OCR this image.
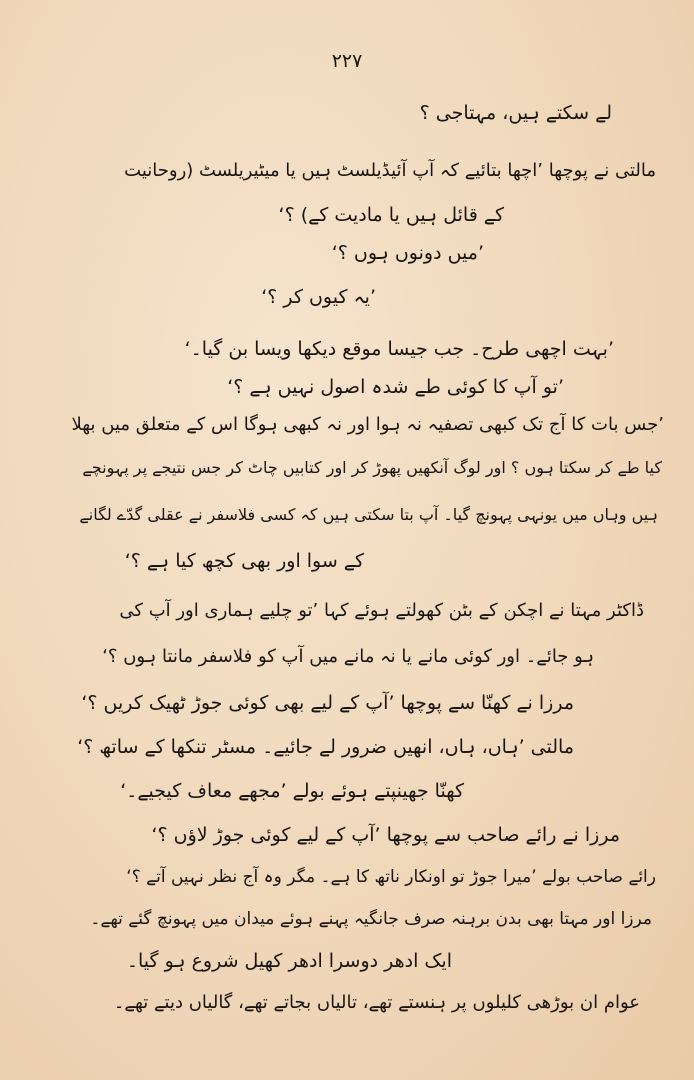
۲۲۷
لے سکتے ہیں، مہتاجی ؟
مالتی نے پوچھا ’اچھا بتائیے کہ آپ آئیڈیلسٹ ہیں یا میٹیریلسٹ (روحانیت
کے قائل ہیں یا مادیت کے) ؟‘
’میں دونوں ہوں ؟‘
’یہ کیوں کر ؟‘
’بہت اچھی طرح۔ جب جیسا موقع دیکھا ویسا بن گیا۔‘
’تو آپ کا کوئی طے شدہ اصول نہیں ہے ؟‘
’جس بات کا آج تک کبھی تصفیہ نہ ہوا اور نہ کبھی ہوگا اس کے متعلق میں بھلا
کیا طے کر سکتا ہوں ؟ اور لوگ آنکھیں پھوڑ کر اور کتابیں چاٹ کر جس نتیجے پر پہونچے
ہیں وہاں میں یونہی پہونچ گیا۔ آپ بتا سکتی ہیں کہ کسی فلاسفر نے عقلی گدّے لگانے
کے سوا اور بھی کچھ کیا ہے ؟‘
ڈاکٹر مہتا نے اچکن کے بٹن کھولتے ہوئے کہا ’تو چلیے ہماری اور آپ کی
ہو جائے۔ اور کوئی مانے یا نہ مانے میں آپ کو فلاسفر مانتا ہوں ؟‘
مرزا نے کھنّا سے پوچھا ’آپ کے لیے بھی کوئی جوڑ ٹھیک کریں ؟‘
مالتی ’ہاں، ہاں، انھیں ضرور لے جائیے۔ مسٹر تنکھا کے ساتھ ؟‘
کھنّا جھینپتے ہوئے بولے ’مجھے معاف کیجیے۔‘
مرزا نے رائے صاحب سے پوچھا ’آپ کے لیے کوئی جوڑ لاؤں ؟‘
رائے صاحب بولے ’میرا جوڑ تو اونکار ناتھ کا ہے۔ مگر وہ آج نظر نہیں آتے ؟‘
مرزا اور مہتا بھی بدن برہنہ صرف جانگیہ پہنے ہوئے میدان میں پہونچ گئے تھے۔
ایک ادھر دوسرا ادھر کھیل شروع ہو گیا۔
عوام ان بوڑھی کلیلوں پر ہنستے تھے، تالیاں بجاتے تھے، گالیاں دیتے تھے۔
